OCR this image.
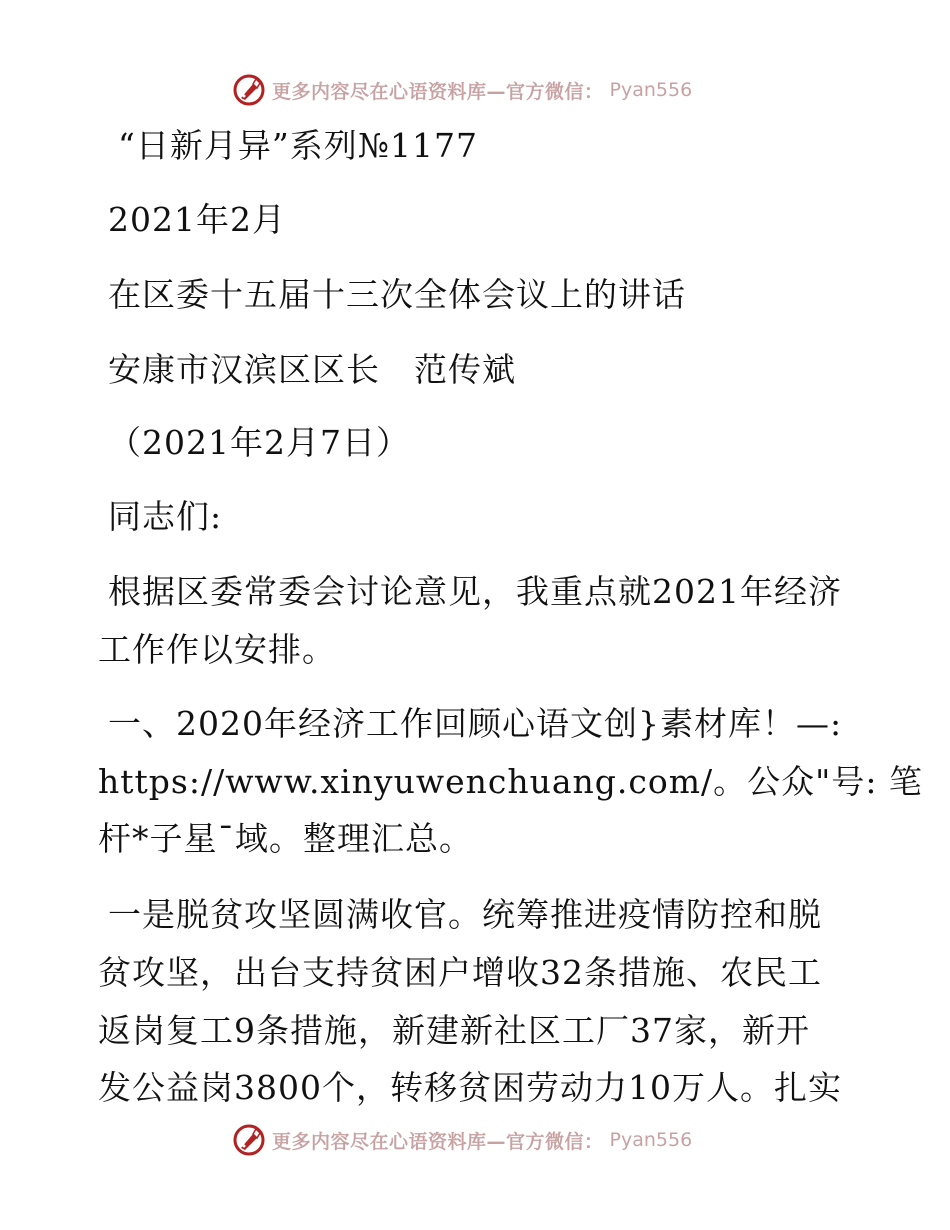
更多内容尽在心语资料库—官方微信： Pyan556
“日新月异”系列№1177
2021年2月
在区委十五届十三次全体会议上的讲话
安康市汉滨区区长　范传斌
（2021年2月7日）
同志们:
根据区委常委会讨论意见，我重点就2021年经济
工作作以安排。
一、2020年经济工作回顾心语文创}素材库！—:
https://www.xinyuwenchuang.com/。公众"号: 笔
杆*子星¯域。整理汇总。
一是脱贫攻坚圆满收官。统筹推进疫情防控和脱
贫攻坚，出台支持贫困户增收32条措施、农民工
返岗复工9条措施，新建新社区工厂37家，新开
发公益岗3800个，转移贫困劳动力10万人。扎实
更多内容尽在心语资料库—官方微信： Pyan556
